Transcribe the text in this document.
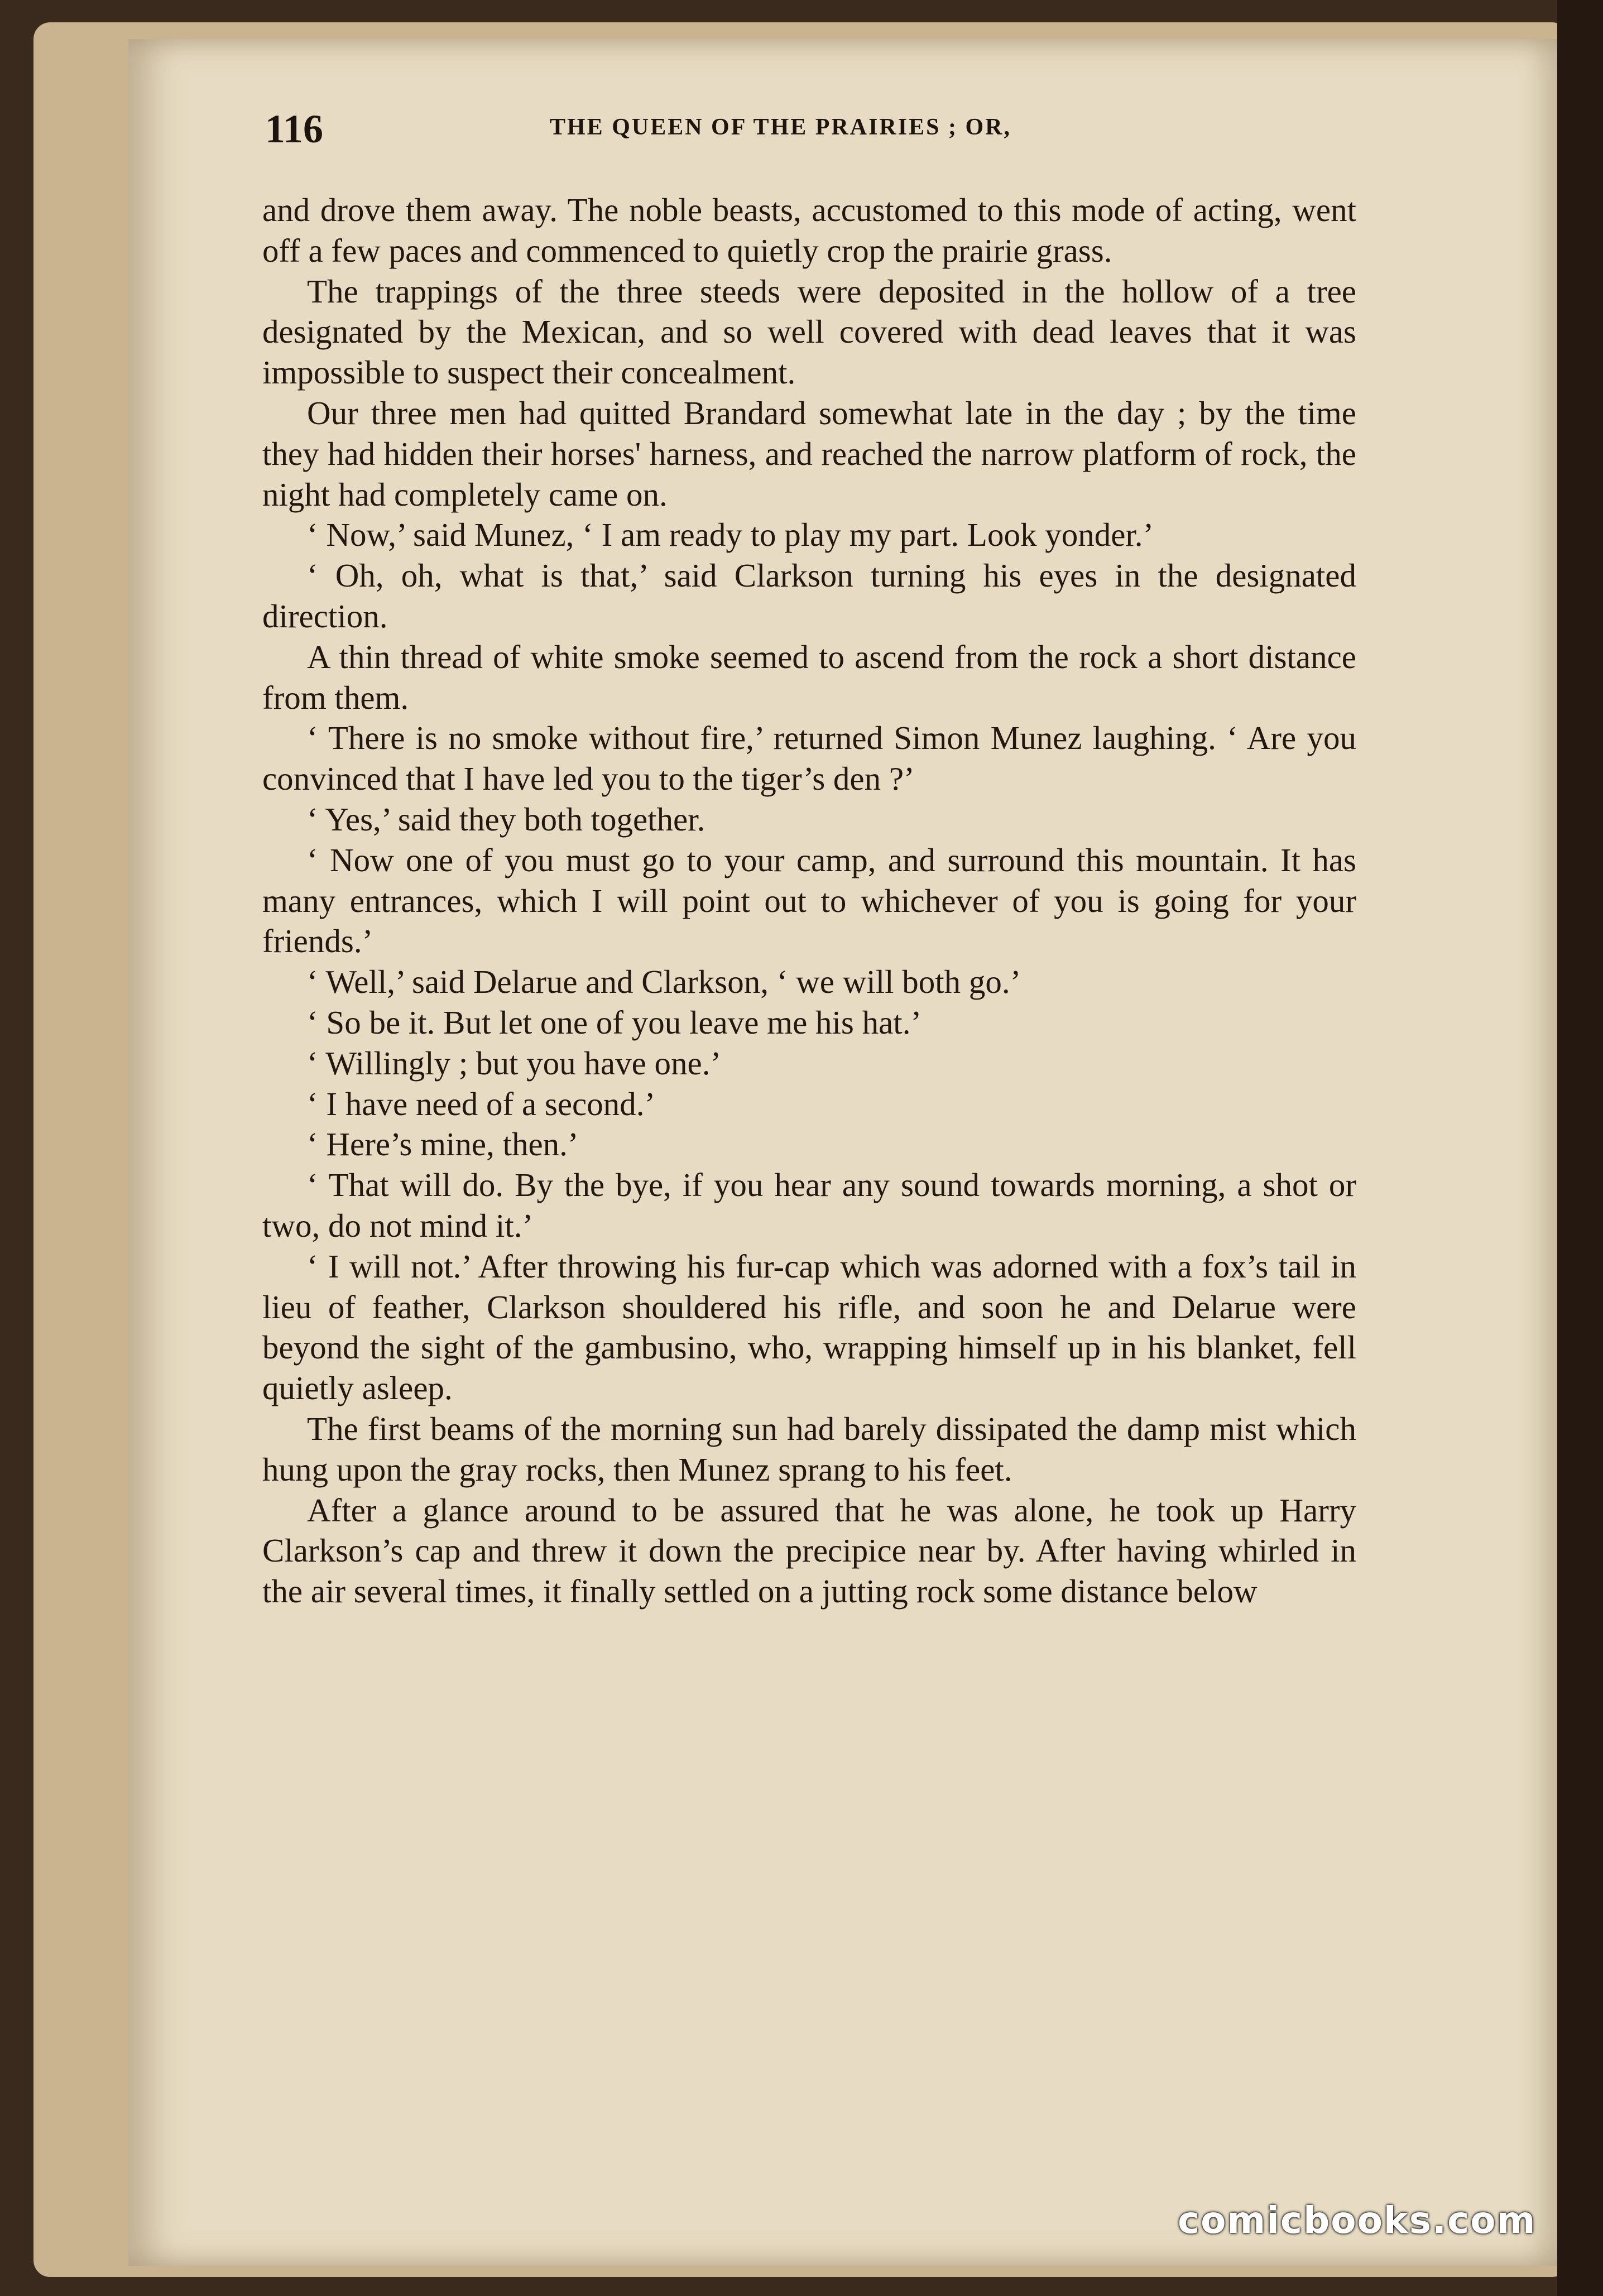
116	THE QUEEN OF THE PRAIRIES ; OR,

and drove them away. The noble beasts, accustomed to this mode of acting, went off a few paces and commenced to quietly crop the prairie grass.

The trappings of the three steeds were deposited in the hollow of a tree designated by the Mexican, and so well covered with dead leaves that it was impossible to suspect their concealment.

Our three men had quitted Brandard somewhat late in the day ; by the time they had hidden their horses' harness, and reached the narrow platform of rock, the night had completely came on.

‘ Now,’ said Munez, ‘ I am ready to play my part. Look yonder.’

‘ Oh, oh, what is that,’ said Clarkson turning his eyes in the designated direction.

A thin thread of white smoke seemed to ascend from the rock a short distance from them.

‘ There is no smoke without fire,’ returned Simon Munez laughing. ‘ Are you convinced that I have led you to the tiger’s den ?’

‘ Yes,’ said they both together.

‘ Now one of you must go to your camp, and surround this mountain. It has many entrances, which I will point out to whichever of you is going for your friends.’

‘ Well,’ said Delarue and Clarkson, ‘ we will both go.’

‘ So be it. But let one of you leave me his hat.’

‘ Willingly ; but you have one.’

‘ I have need of a second.’

‘ Here’s mine, then.’

‘ That will do. By the bye, if you hear any sound towards morning, a shot or two, do not mind it.’

‘ I will not.’ After throwing his fur-cap which was adorned with a fox’s tail in lieu of feather, Clarkson shouldered his rifle, and soon he and Delarue were beyond the sight of the gambusino, who, wrapping himself up in his blanket, fell quietly asleep.

The first beams of the morning sun had barely dissipated the damp mist which hung upon the gray rocks, then Munez sprang to his feet.

After a glance around to be assured that he was alone, he took up Harry Clarkson’s cap and threw it down the precipice near by. After having whirled in the air several times, it finally settled on a jutting rock some distance below

comicbooks.com
